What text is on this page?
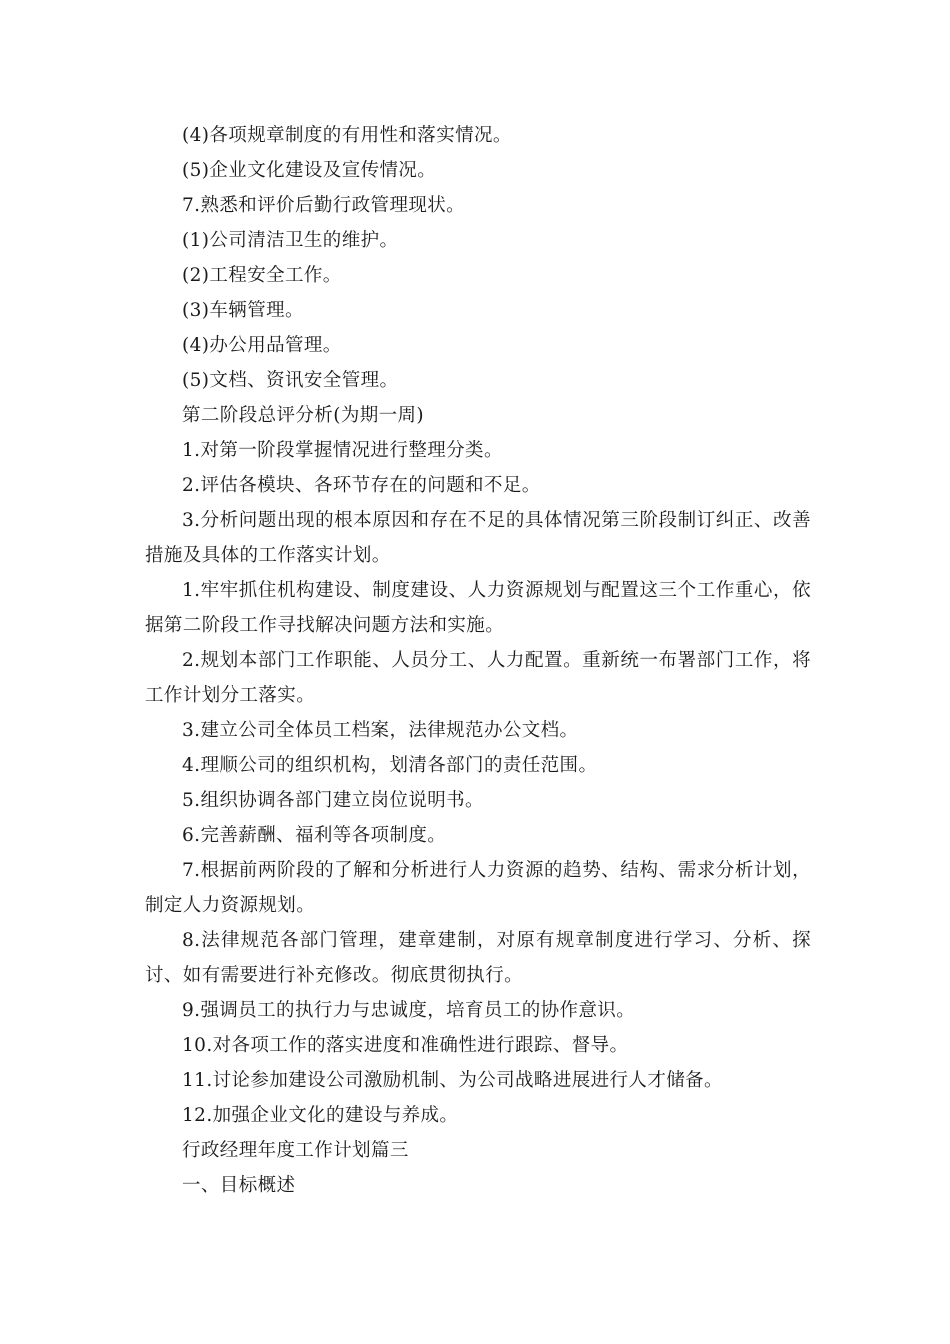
(4)各项规章制度的有用性和落实情况。

(5)企业文化建设及宣传情况。

7.熟悉和评价后勤行政管理现状。

(1)公司清洁卫生的维护。

(2)工程安全工作。

(3)车辆管理。

(4)办公用品管理。

(5)文档、资讯安全管理。

第二阶段总评分析(为期一周)

1.对第一阶段掌握情况进行整理分类。

2.评估各模块、各环节存在的问题和不足。

3.分析问题出现的根本原因和存在不足的具体情况第三阶段制订纠正、改善措施及具体的工作落实计划。

1.牢牢抓住机构建设、制度建设、人力资源规划与配置这三个工作重心，依据第二阶段工作寻找解决问题方法和实施。

2.规划本部门工作职能、人员分工、人力配置。重新统一布署部门工作，将工作计划分工落实。

3.建立公司全体员工档案，法律规范办公文档。

4.理顺公司的组织机构，划清各部门的责任范围。

5.组织协调各部门建立岗位说明书。

6.完善薪酬、福利等各项制度。

7.根据前两阶段的了解和分析进行人力资源的趋势、结构、需求分析计划，制定人力资源规划。

8.法律规范各部门管理，建章建制，对原有规章制度进行学习、分析、探讨、如有需要进行补充修改。彻底贯彻执行。

9.强调员工的执行力与忠诚度，培育员工的协作意识。

10.对各项工作的落实进度和准确性进行跟踪、督导。

11.讨论参加建设公司激励机制、为公司战略进展进行人才储备。

12.加强企业文化的建设与养成。

行政经理年度工作计划篇三

一、目标概述
